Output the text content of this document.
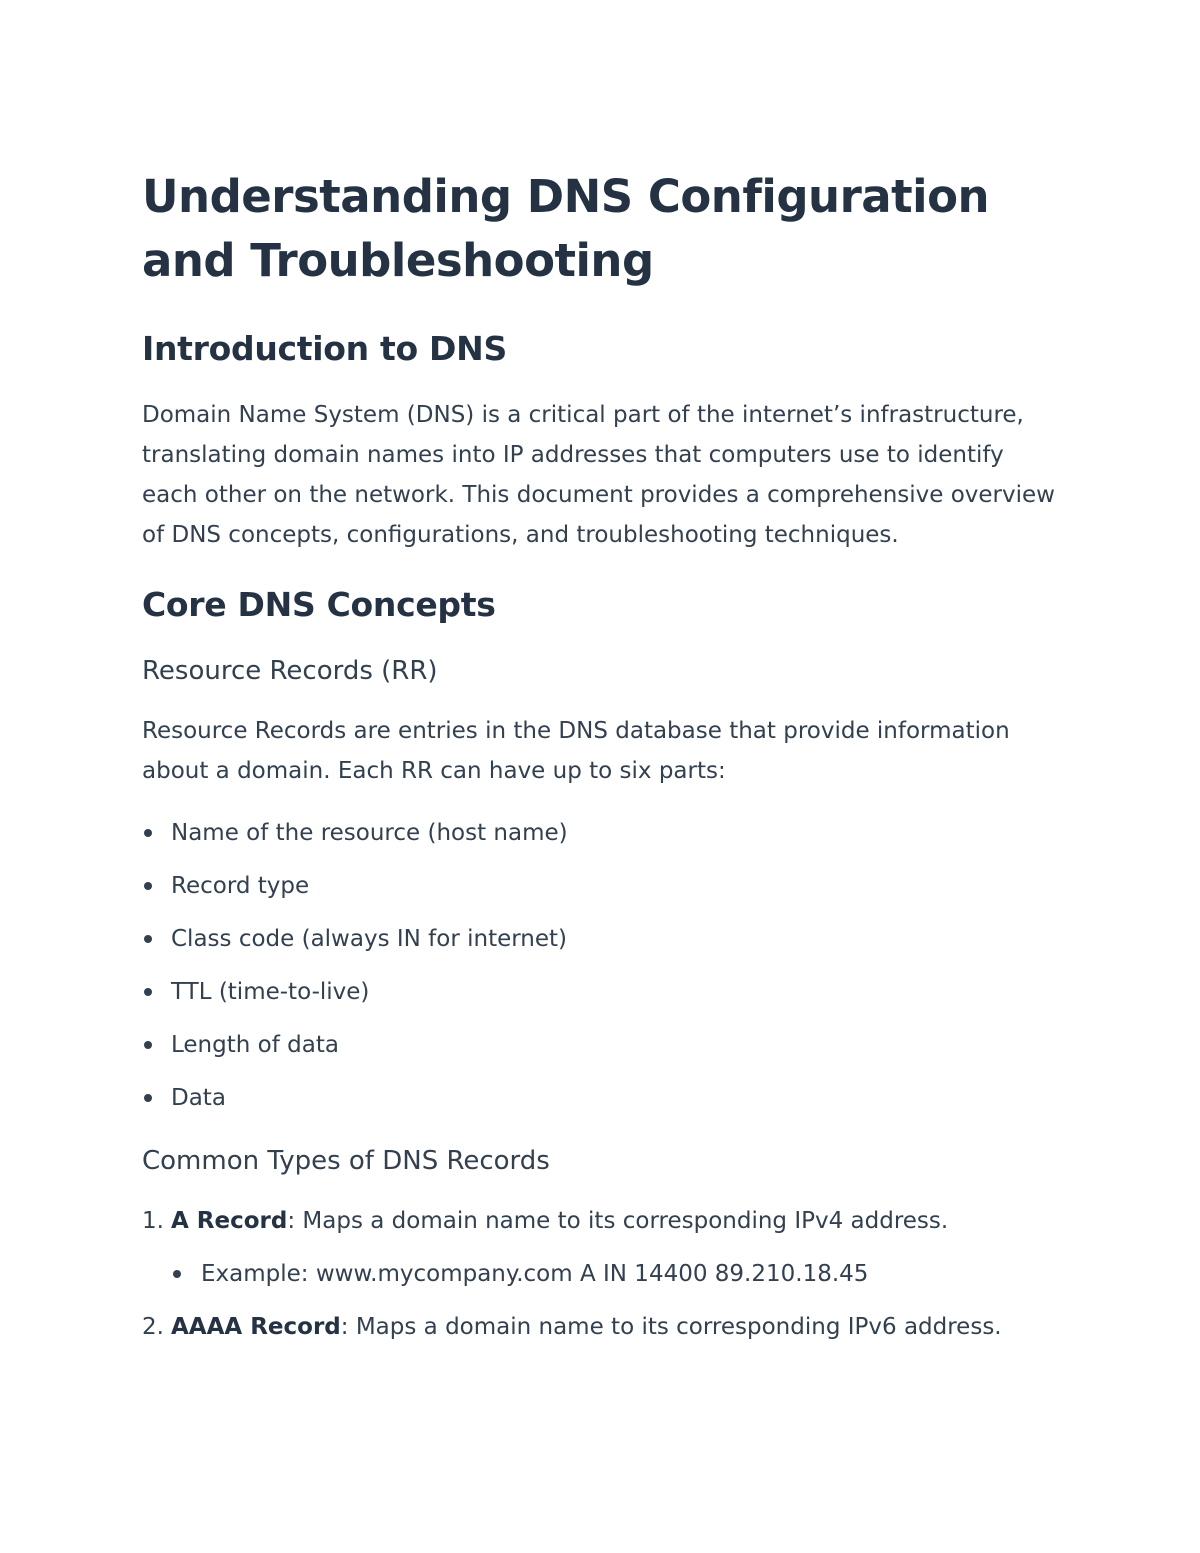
Understanding DNS Configuration and Troubleshooting
Introduction to DNS

Domain Name System (DNS) is a critical part of the internet’s infrastructure, translating domain names into IP addresses that computers use to identify each other on the network. This document provides a comprehensive overview of DNS concepts, configurations, and troubleshooting techniques.

Core DNS Concepts
Resource Records (RR)

Resource Records are entries in the DNS database that provide information about a domain. Each RR can have up to six parts:

Name of the resource (host name)
Record type
Class code (always IN for internet)
TTL (time-to-live)
Length of data
Data
Common Types of DNS Records
1. A Record: Maps a domain name to its corresponding IPv4 address.
Example: www.mycompany.com A IN 14400 89.210.18.45
2. AAAA Record: Maps a domain name to its corresponding IPv6 address.
